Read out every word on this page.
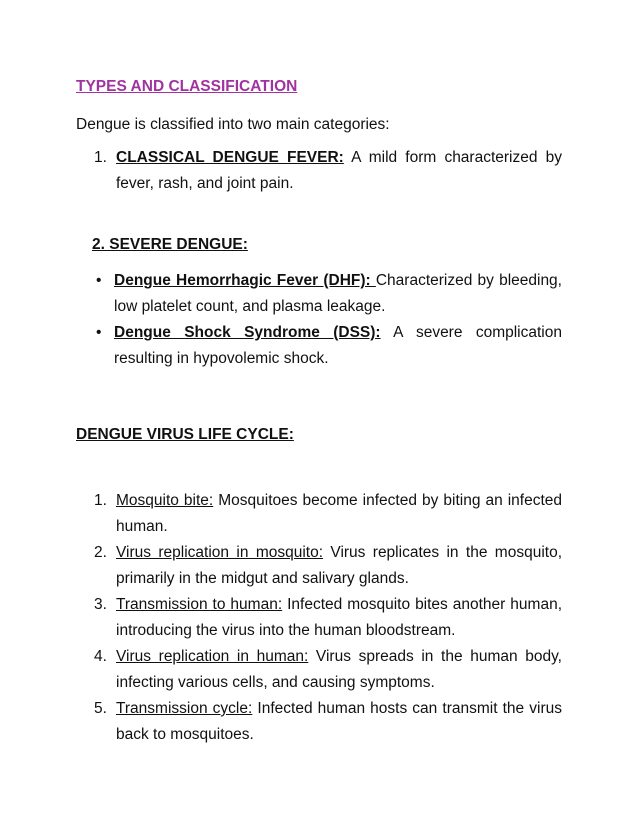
TYPES AND CLASSIFICATION
Dengue is classified into two main categories:
1. CLASSICAL DENGUE FEVER: A mild form characterized by fever, rash, and joint pain.
2. SEVERE DENGUE:
• Dengue Hemorrhagic Fever (DHF): Characterized by bleeding, low platelet count, and plasma leakage.
• Dengue Shock Syndrome (DSS): A severe complication resulting in hypovolemic shock.
DENGUE VIRUS LIFE CYCLE:
1. Mosquito bite: Mosquitoes become infected by biting an infected human.
2. Virus replication in mosquito: Virus replicates in the mosquito, primarily in the midgut and salivary glands.
3. Transmission to human: Infected mosquito bites another human, introducing the virus into the human bloodstream.
4. Virus replication in human: Virus spreads in the human body, infecting various cells, and causing symptoms.
5. Transmission cycle: Infected human hosts can transmit the virus back to mosquitoes.
